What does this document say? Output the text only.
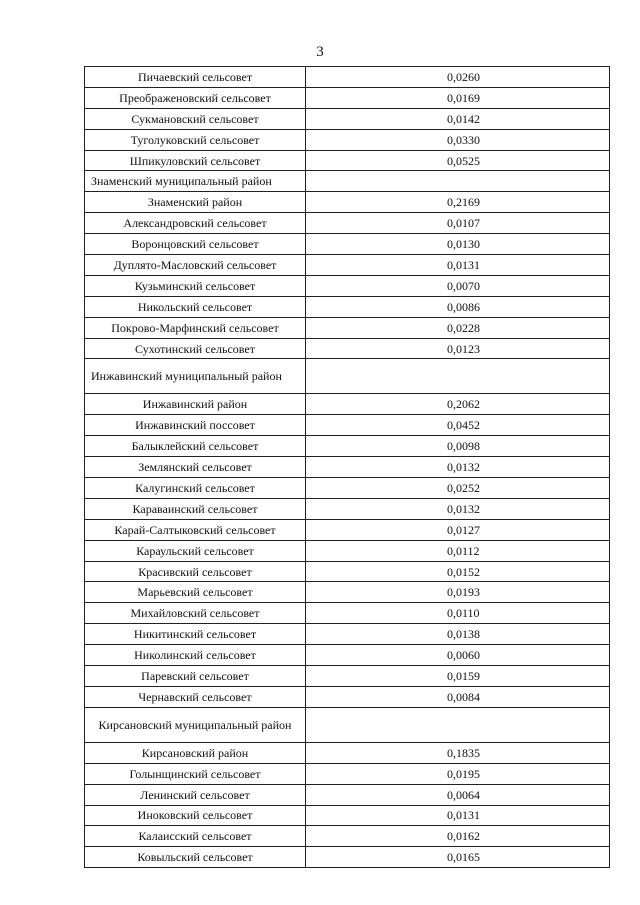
3
Пичаевский сельсовет	0,0260
Преображеновский сельсовет	0,0169
Сукмановский сельсовет	0,0142
Туголуковский сельсовет	0,0330
Шпикуловский сельсовет	0,0525
Знаменский муниципальный район	
Знаменский район	0,2169
Александровский сельсовет	0,0107
Воронцовский сельсовет	0,0130
Дуплято-Масловский сельсовет	0,0131
Кузьминский сельсовет	0,0070
Никольский сельсовет	0,0086
Покрово-Марфинский сельсовет	0,0228
Сухотинский сельсовет	0,0123
Инжавинский муниципальный район	
Инжавинский район	0,2062
Инжавинский поссовет	0,0452
Балыклейский сельсовет	0,0098
Землянский сельсовет	0,0132
Калугинский сельсовет	0,0252
Караваинский сельсовет	0,0132
Карай-Салтыковский сельсовет	0,0127
Караульский сельсовет	0,0112
Красивский сельсовет	0,0152
Марьевский сельсовет	0,0193
Михайловский сельсовет	0,0110
Никитинский сельсовет	0,0138
Николинский сельсовет	0,0060
Паревский сельсовет	0,0159
Чернавский сельсовет	0,0084
Кирсановский муниципальный район	
Кирсановский район	0,1835
Голынщинский сельсовет	0,0195
Ленинский сельсовет	0,0064
Иноковский сельсовет	0,0131
Калаисский сельсовет	0,0162
Ковыльский сельсовет	0,0165
